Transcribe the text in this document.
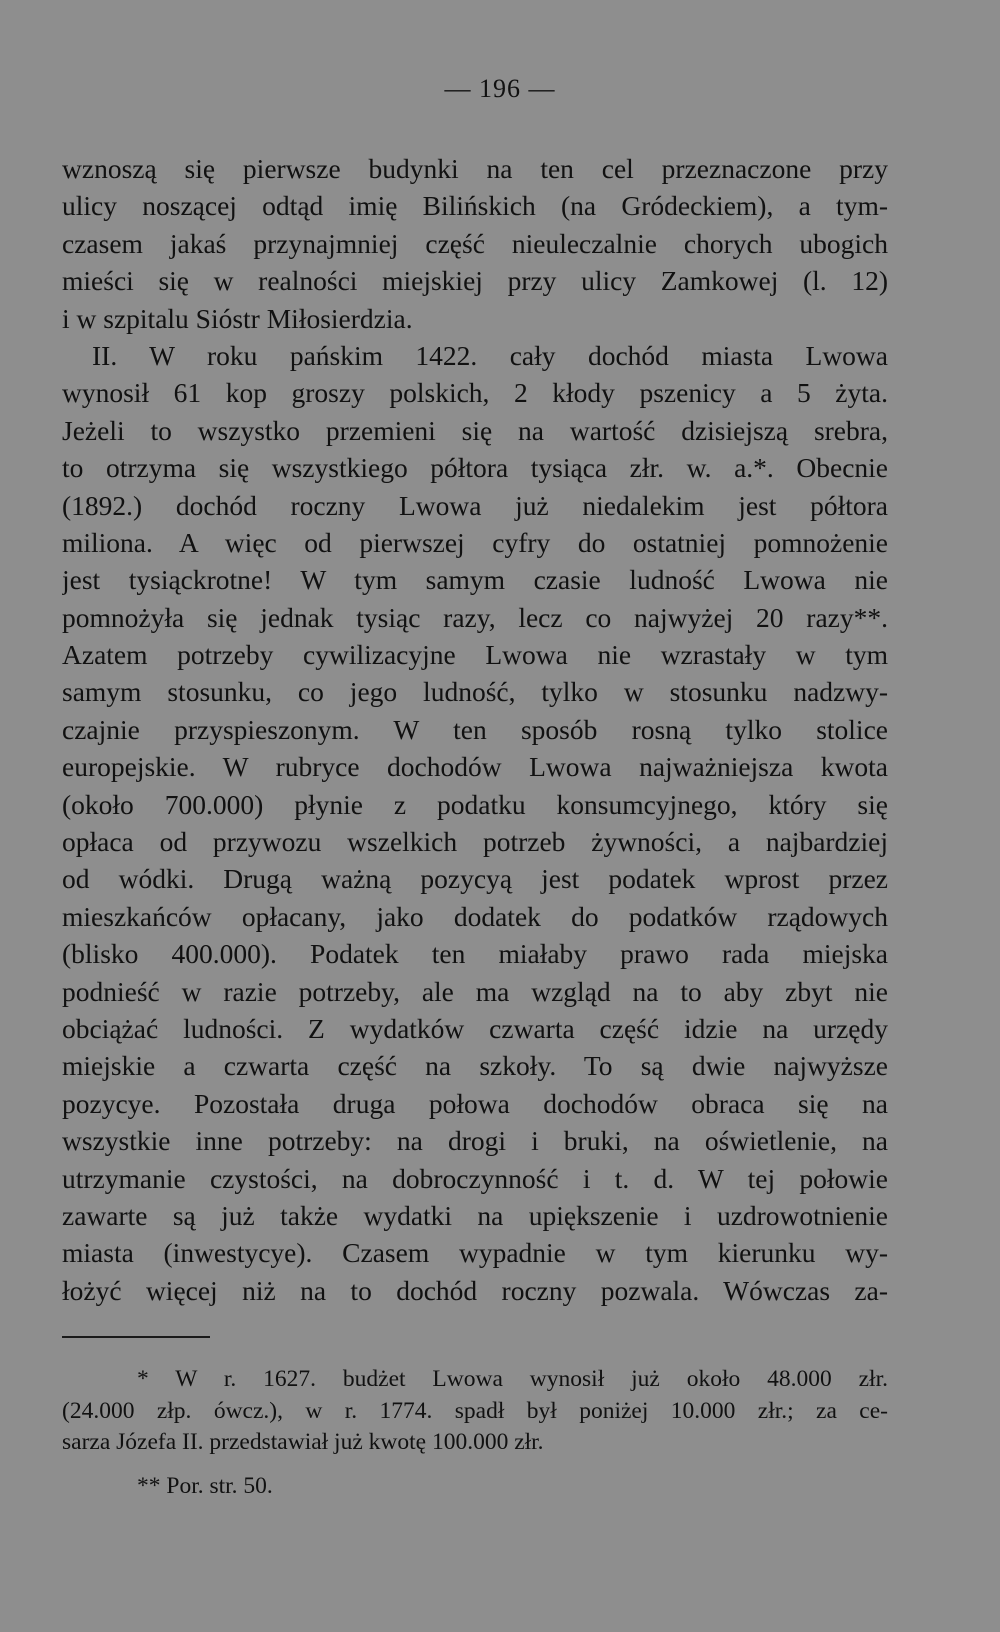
— 196 —
wznoszą się pierwsze budynki na ten cel przeznaczone przy
ulicy noszącej odtąd imię Bilińskich (na Gródeckiem), a tym-
czasem jakaś przynajmniej część nieuleczalnie chorych ubogich
mieści się w realności miejskiej przy ulicy Zamkowej (l. 12)
i w szpitalu Sióstr Miłosierdzia.
II. W roku pańskim 1422. cały dochód miasta Lwowa
wynosił 61 kop groszy polskich, 2 kłody pszenicy a 5 żyta.
Jeżeli to wszystko przemieni się na wartość dzisiejszą srebra,
to otrzyma się wszystkiego półtora tysiąca złr. w. a.*. Obecnie
(1892.) dochód roczny Lwowa już niedalekim jest półtora
miliona. A więc od pierwszej cyfry do ostatniej pomnożenie
jest tysiąckrotne! W tym samym czasie ludność Lwowa nie
pomnożyła się jednak tysiąc razy, lecz co najwyżej 20 razy**.
Azatem potrzeby cywilizacyjne Lwowa nie wzrastały w tym
samym stosunku, co jego ludność, tylko w stosunku nadzwy-
czajnie przyspieszonym. W ten sposób rosną tylko stolice
europejskie. W rubryce dochodów Lwowa najważniejsza kwota
(około 700.000) płynie z podatku konsumcyjnego, który się
opłaca od przywozu wszelkich potrzeb żywności, a najbardziej
od wódki. Drugą ważną pozycyą jest podatek wprost przez
mieszkańców opłacany, jako dodatek do podatków rządowych
(blisko 400.000). Podatek ten miałaby prawo rada miejska
podnieść w razie potrzeby, ale ma wzgląd na to aby zbyt nie
obciążać ludności. Z wydatków czwarta część idzie na urzędy
miejskie a czwarta część na szkoły. To są dwie najwyższe
pozycye. Pozostała druga połowa dochodów obraca się na
wszystkie inne potrzeby: na drogi i bruki, na oświetlenie, na
utrzymanie czystości, na dobroczynność i t. d. W tej połowie
zawarte są już także wydatki na upiększenie i uzdrowotnienie
miasta (inwestycye). Czasem wypadnie w tym kierunku wy-
łożyć więcej niż na to dochód roczny pozwala. Wówczas za-
* W r. 1627. budżet Lwowa wynosił już około 48.000 złr.
(24.000 złp. ówcz.), w r. 1774. spadł był poniżej 10.000 złr.; za ce-
sarza Józefa II. przedstawiał już kwotę 100.000 złr.
** Por. str. 50.
